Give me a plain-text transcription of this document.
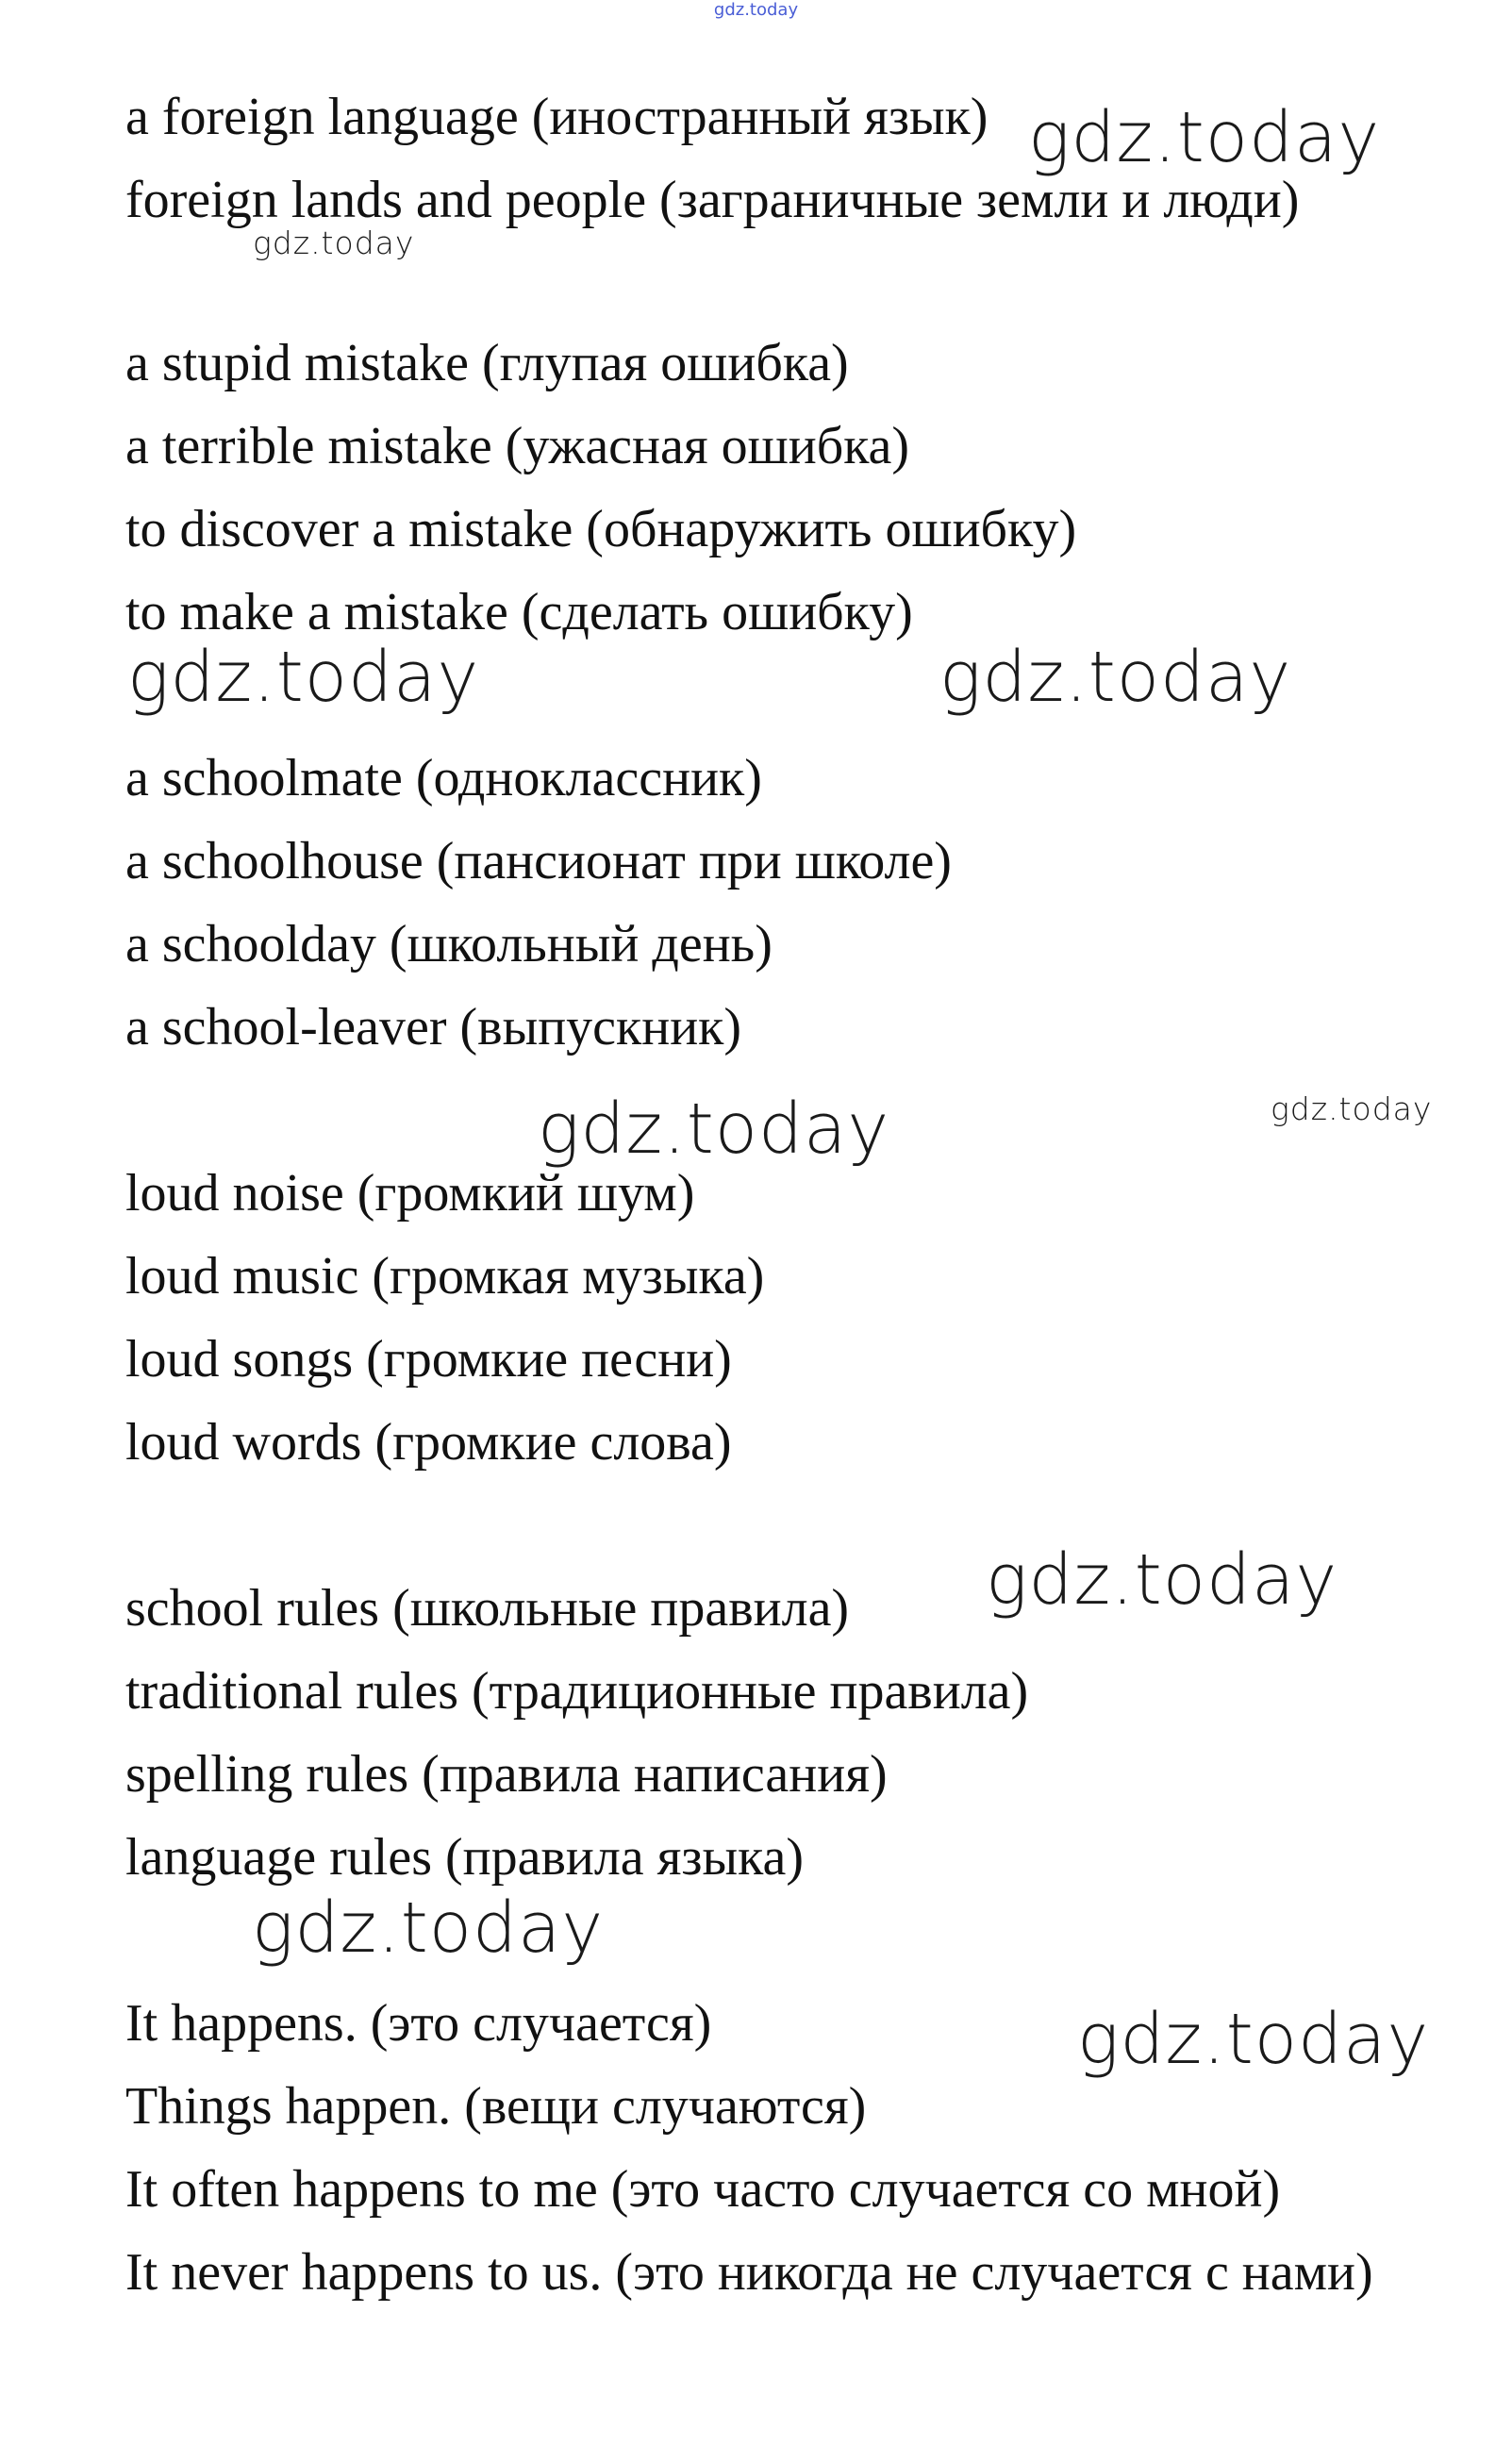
gdz.today

a foreign language (иностранный язык)

foreign lands and people (заграничные земли и люди)

a stupid mistake (глупая ошибка)

a terrible mistake (ужасная ошибка)

to discover a mistake (обнаружить ошибку)

to make a mistake (сделать ошибку)

a schoolmate (одноклассник)

a schoolhouse (пансионат при школе)

a schoolday (школьный день)

a school-leaver (выпускник)

loud noise (громкий шум)

loud music (громкая музыка)

loud songs (громкие песни)

loud words (громкие слова)

school rules (школьные правила)

traditional rules (традиционные правила)

spelling rules (правила написания)

language rules (правила языка)

It happens. (это случается)

Things happen. (вещи случаются)

It often happens to me (это часто случается со мной)

It never happens to us. (это никогда не случается с нами)

gdz.today
gdz.today
gdz.today	gdz.today
gdz.today	gdz.today
gdz.today
gdz.today
gdz.today
